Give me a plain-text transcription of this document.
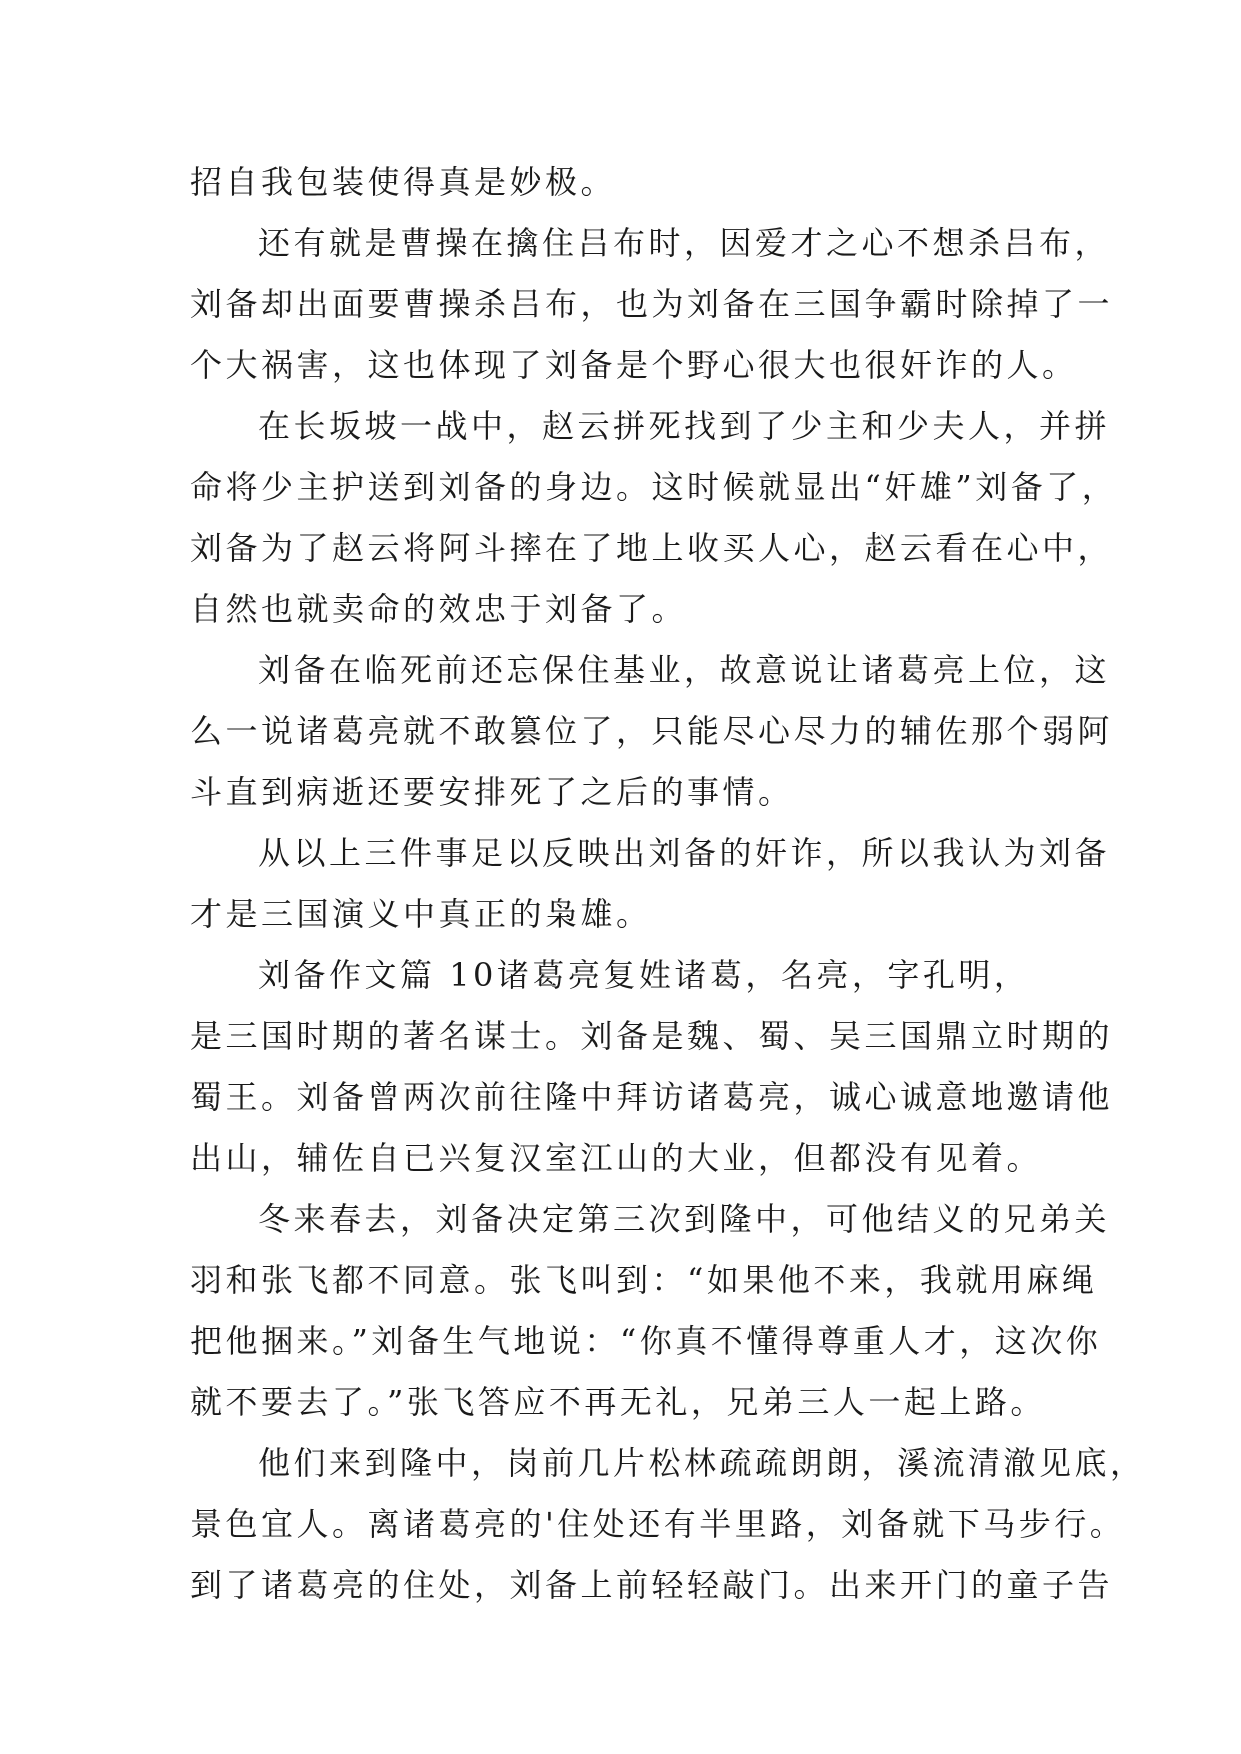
招自我包装使得真是妙极。
还有就是曹操在擒住吕布时，因爱才之心不想杀吕布，
刘备却出面要曹操杀吕布，也为刘备在三国争霸时除掉了一
个大祸害，这也体现了刘备是个野心很大也很奸诈的人。
在长坂坡一战中，赵云拼死找到了少主和少夫人，并拼
命将少主护送到刘备的身边。这时候就显出“奸雄”刘备了，
刘备为了赵云将阿斗摔在了地上收买人心，赵云看在心中，
自然也就卖命的效忠于刘备了。
刘备在临死前还忘保住基业，故意说让诸葛亮上位，这
么一说诸葛亮就不敢篡位了，只能尽心尽力的辅佐那个弱阿
斗直到病逝还要安排死了之后的事情。
从以上三件事足以反映出刘备的奸诈，所以我认为刘备
才是三国演义中真正的枭雄。
刘备作文篇 10诸葛亮复姓诸葛，名亮，字孔明，
是三国时期的著名谋士。刘备是魏、蜀、吴三国鼎立时期的
蜀王。刘备曾两次前往隆中拜访诸葛亮，诚心诚意地邀请他
出山，辅佐自已兴复汉室江山的大业，但都没有见着。
冬来春去，刘备决定第三次到隆中，可他结义的兄弟关
羽和张飞都不同意。张飞叫到：“如果他不来，我就用麻绳
把他捆来。”刘备生气地说：“你真不懂得尊重人才，这次你
就不要去了。”张飞答应不再无礼，兄弟三人一起上路。
他们来到隆中，岗前几片松林疏疏朗朗，溪流清澈见底，
景色宜人。离诸葛亮的'住处还有半里路，刘备就下马步行。
到了诸葛亮的住处，刘备上前轻轻敲门。出来开门的童子告
